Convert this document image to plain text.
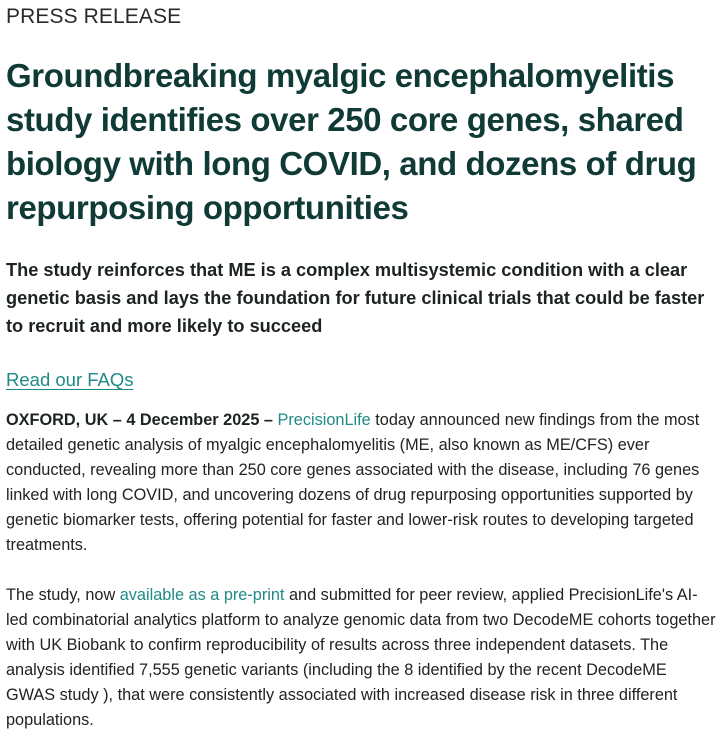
PRESS RELEASE
Groundbreaking myalgic encephalomyelitis study identifies over 250 core genes, shared biology with long COVID, and dozens of drug repurposing opportunities

The study reinforces that ME is a complex multisystemic condition with a clear genetic basis and lays the foundation for future clinical trials that could be faster to recruit and more likely to succeed

Read our FAQs

OXFORD, UK – 4 December 2025 – PrecisionLife today announced new findings from the most detailed genetic analysis of myalgic encephalomyelitis (ME, also known as ME/CFS) ever conducted, revealing more than 250 core genes associated with the disease, including 76 genes linked with long COVID, and uncovering dozens of drug repurposing opportunities supported by genetic biomarker tests, offering potential for faster and lower-risk routes to developing targeted treatments.

The study, now available as a pre-print and submitted for peer review, applied PrecisionLife's AI-led combinatorial analytics platform to analyze genomic data from two DecodeME cohorts together with UK Biobank to confirm reproducibility of results across three independent datasets. The analysis identified 7,555 genetic variants (including the 8 identified by the recent DecodeME GWAS study ), that were consistently associated with increased disease risk in three different populations.
